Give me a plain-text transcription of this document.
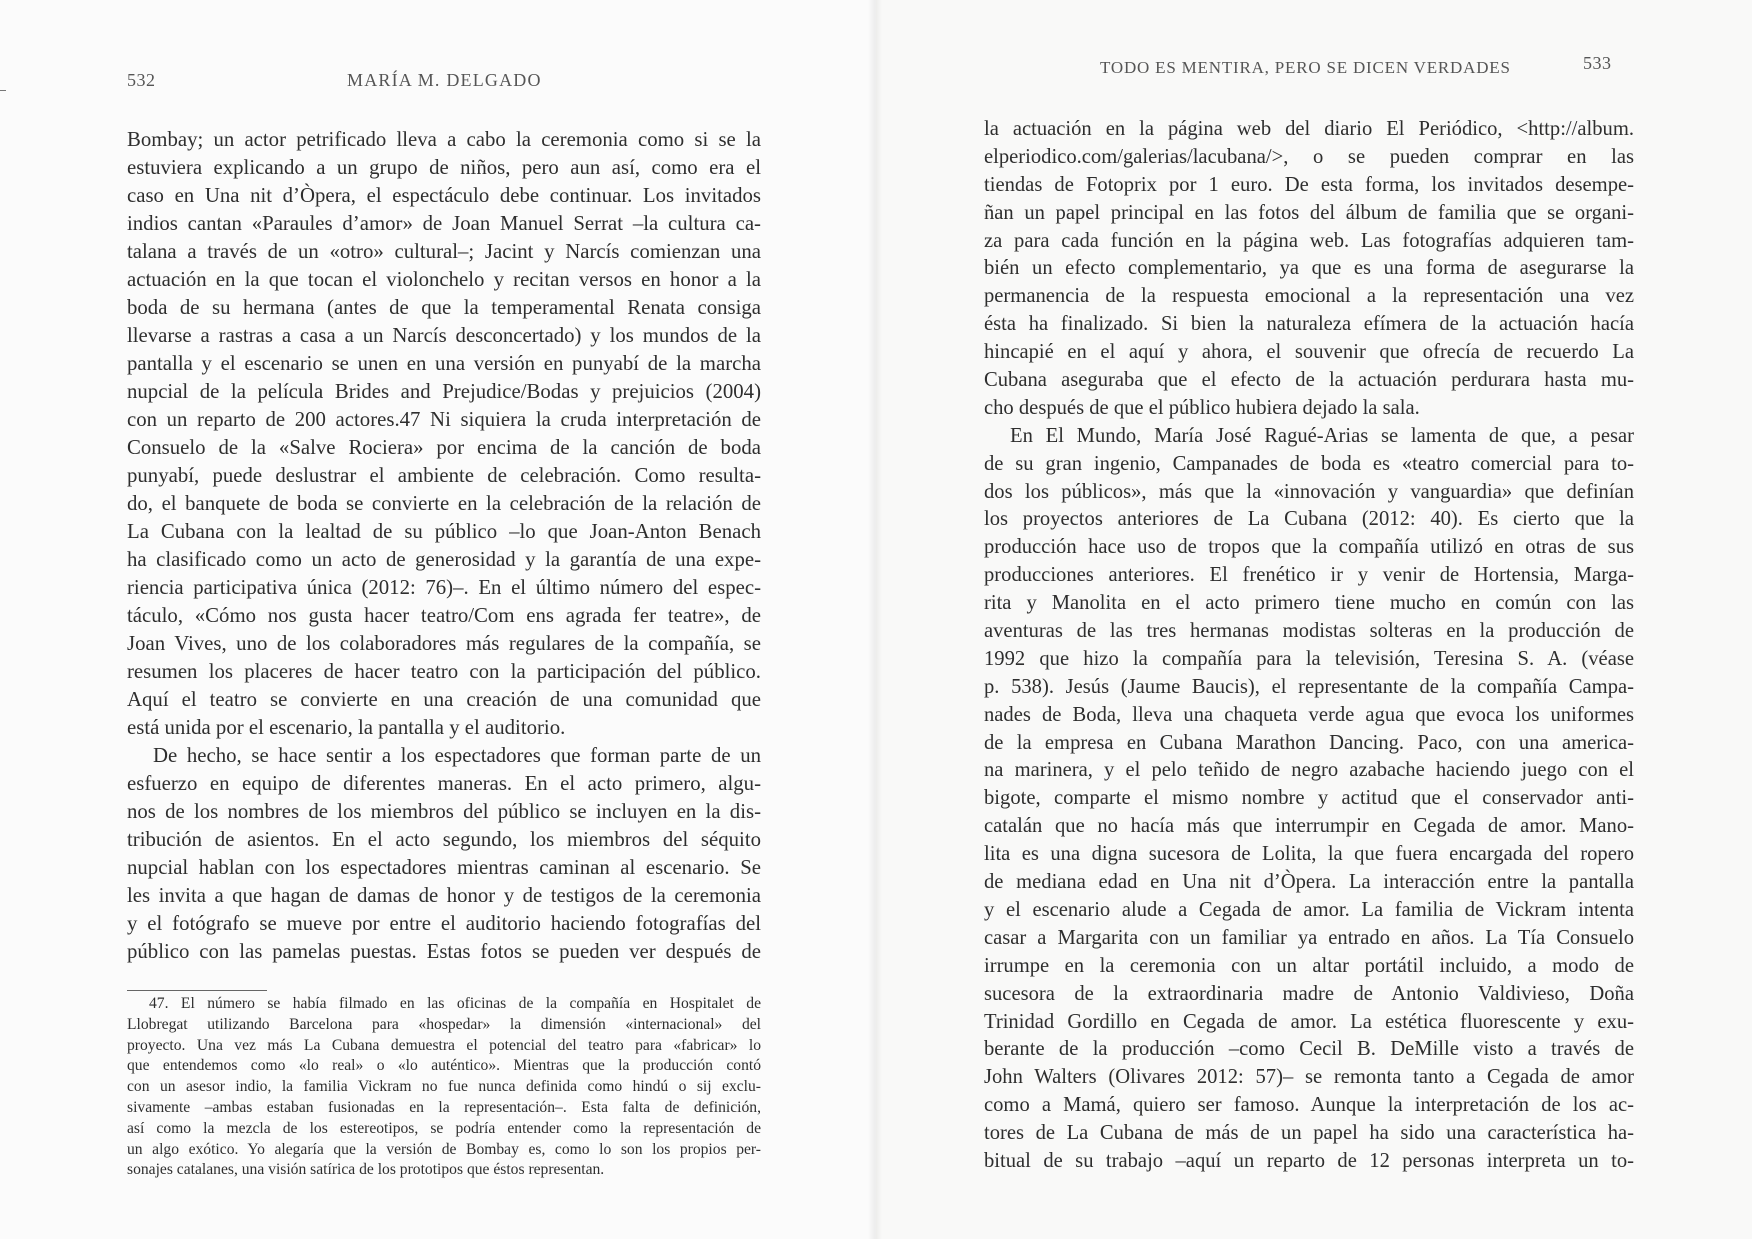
532	MARÍA M. DELGADO
Bombay; un actor petrificado lleva a cabo la ceremonia como si se la
estuviera explicando a un grupo de niños, pero aun así, como era el
caso en Una nit d’Òpera, el espectáculo debe continuar. Los invitados
indios cantan «Paraules d’amor» de Joan Manuel Serrat –la cultura ca-
talana a través de un «otro» cultural–; Jacint y Narcís comienzan una
actuación en la que tocan el violonchelo y recitan versos en honor a la
boda de su hermana (antes de que la temperamental Renata consiga
llevarse a rastras a casa a un Narcís desconcertado) y los mundos de la
pantalla y el escenario se unen en una versión en punyabí de la marcha
nupcial de la película Brides and Prejudice/Bodas y prejuicios (2004)
con un reparto de 200 actores.47 Ni siquiera la cruda interpretación de
Consuelo de la «Salve Rociera» por encima de la canción de boda
punyabí, puede deslustrar el ambiente de celebración. Como resulta-
do, el banquete de boda se convierte en la celebración de la relación de
La Cubana con la lealtad de su público –lo que Joan-Anton Benach
ha clasificado como un acto de generosidad y la garantía de una expe-
riencia participativa única (2012: 76)–. En el último número del espec-
táculo, «Cómo nos gusta hacer teatro/Com ens agrada fer teatre», de
Joan Vives, uno de los colaboradores más regulares de la compañía, se
resumen los placeres de hacer teatro con la participación del público.
Aquí el teatro se convierte en una creación de una comunidad que
está unida por el escenario, la pantalla y el auditorio.
De hecho, se hace sentir a los espectadores que forman parte de un
esfuerzo en equipo de diferentes maneras. En el acto primero, algu-
nos de los nombres de los miembros del público se incluyen en la dis-
tribución de asientos. En el acto segundo, los miembros del séquito
nupcial hablan con los espectadores mientras caminan al escenario. Se
les invita a que hagan de damas de honor y de testigos de la ceremonia
y el fotógrafo se mueve por entre el auditorio haciendo fotografías del
público con las pamelas puestas. Estas fotos se pueden ver después de
47. El número se había filmado en las oficinas de la compañía en Hospitalet de
Llobregat utilizando Barcelona para «hospedar» la dimensión «internacional» del
proyecto. Una vez más La Cubana demuestra el potencial del teatro para «fabricar» lo
que entendemos como «lo real» o «lo auténtico». Mientras que la producción contó
con un asesor indio, la familia Vickram no fue nunca definida como hindú o sij exclu-
sivamente –ambas estaban fusionadas en la representación–. Esta falta de definición,
así como la mezcla de los estereotipos, se podría entender como la representación de
un algo exótico. Yo alegaría que la versión de Bombay es, como lo son los propios per-
sonajes catalanes, una visión satírica de los prototipos que éstos representan.
TODO ES MENTIRA, PERO SE DICEN VERDADES	533
la actuación en la página web del diario El Periódico, <http://album.
elperiodico.com/galerias/lacubana/>, o se pueden comprar en las
tiendas de Fotoprix por 1 euro. De esta forma, los invitados desempe-
ñan un papel principal en las fotos del álbum de familia que se organi-
za para cada función en la página web. Las fotografías adquieren tam-
bién un efecto complementario, ya que es una forma de asegurarse la
permanencia de la respuesta emocional a la representación una vez
ésta ha finalizado. Si bien la naturaleza efímera de la actuación hacía
hincapié en el aquí y ahora, el souvenir que ofrecía de recuerdo La
Cubana aseguraba que el efecto de la actuación perdurara hasta mu-
cho después de que el público hubiera dejado la sala.
En El Mundo, María José Ragué-Arias se lamenta de que, a pesar
de su gran ingenio, Campanades de boda es «teatro comercial para to-
dos los públicos», más que la «innovación y vanguardia» que definían
los proyectos anteriores de La Cubana (2012: 40). Es cierto que la
producción hace uso de tropos que la compañía utilizó en otras de sus
producciones anteriores. El frenético ir y venir de Hortensia, Marga-
rita y Manolita en el acto primero tiene mucho en común con las
aventuras de las tres hermanas modistas solteras en la producción de
1992 que hizo la compañía para la televisión, Teresina S. A. (véase
p. 538). Jesús (Jaume Baucis), el representante de la compañía Campa-
nades de Boda, lleva una chaqueta verde agua que evoca los uniformes
de la empresa en Cubana Marathon Dancing. Paco, con una america-
na marinera, y el pelo teñido de negro azabache haciendo juego con el
bigote, comparte el mismo nombre y actitud que el conservador anti-
catalán que no hacía más que interrumpir en Cegada de amor. Mano-
lita es una digna sucesora de Lolita, la que fuera encargada del ropero
de mediana edad en Una nit d’Òpera. La interacción entre la pantalla
y el escenario alude a Cegada de amor. La familia de Vickram intenta
casar a Margarita con un familiar ya entrado en años. La Tía Consuelo
irrumpe en la ceremonia con un altar portátil incluido, a modo de
sucesora de la extraordinaria madre de Antonio Valdivieso, Doña
Trinidad Gordillo en Cegada de amor. La estética fluorescente y exu-
berante de la producción –como Cecil B. DeMille visto a través de
John Walters (Olivares 2012: 57)– se remonta tanto a Cegada de amor
como a Mamá, quiero ser famoso. Aunque la interpretación de los ac-
tores de La Cubana de más de un papel ha sido una característica ha-
bitual de su trabajo –aquí un reparto de 12 personas interpreta un to-
